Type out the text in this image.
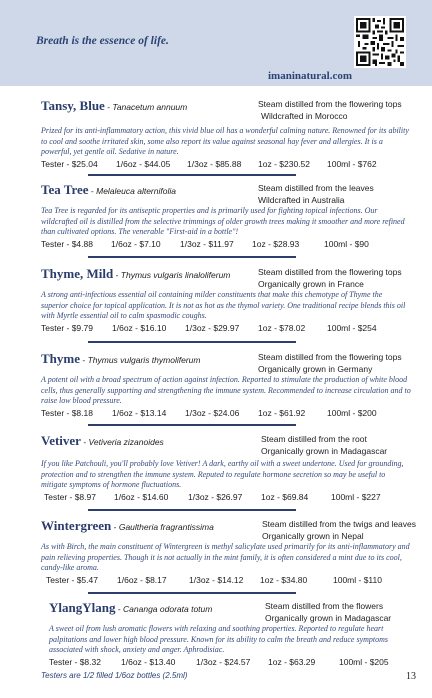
Breath is the essence of life.
imaninatural.com
Tansy, Blue - Tanacetum annuum	Steam distilled from the flowering tops
Wildcrafted in Morocco
Prized for its anti-inflammatory action, this vivid blue oil has a wonderful calming nature. Renowned for its ability to cool and soothe irritated skin, some also report its value against seasonal hay fever and allergies. It is a powerful, yet gentle oil. Sedative in nature.
Tester - $25.04 1/6oz - $44.05 1/3oz - $85.88 1oz - $230.52 100ml - $762
Tea Tree - Melaleuca alternifolia	Steam distilled from the leaves
Wildcrafted in Australia
Tea Tree is regarded for its antiseptic properties and is primarily used for fighting topical infections. Our wildcrafted oil is distilled from the selective trimmings of older growth trees making it smoother and more refined than cultivated options. The venerable "First-aid in a bottle"!
Tester - $4.88 1/6oz - $7.10 1/3oz - $11.97 1oz - $28.93	100ml - $90
Thyme, Mild - Thymus vulgaris linaloliferum	Steam distilled from the flowering tops
Organically grown in France
A strong anti-infectious essential oil containing milder constituents that make this chemotype of Thyme the superior choice for topical application. It is not as hot as the thymol variety. One traditional recipe blends this oil with Myrtle essential oil to calm spasmodic coughs.
Tester - $9.79 1/6oz - $16.10 1/3oz - $29.97 1oz - $78.02	100ml - $254
Thyme - Thymus vulgaris thymoliferum	Steam distilled from the flowering tops
Organically grown in Germany
A potent oil with a broad spectrum of action against infection. Reported to stimulate the production of white blood cells, thus generally supporting and strengthening the immune system. Recommended to increase circulation and to raise low blood pressure.
Tester - $8.18 1/6oz - $13.14 1/3oz - $24.06 1oz - $61.92	100ml - $200
Vetiver - Vetiveria zizanoides	Steam distilled from the root
Organically grown in Madagascar
If you like Patchouli, you'll probably love Vetiver! A dark, earthy oil with a sweet undertone. Used for grounding, protection and to strengthen the immune system. Reputed to regulate hormone secretion so may be useful to mitigate symptoms of hormone fluctuations.
Tester - $8.97 1/6oz - $14.60 1/3oz - $26.97 1oz - $69.84	100ml - $227
Wintergreen - Gaultheria fragrantissima	Steam distilled from the twigs and leaves
Organically grown in Nepal
As with Birch, the main constituent of Wintergreen is methyl salicylate used primarily for its anti-inflammatory and pain relieving properties. Though it is not actually in the mint family, it is often considered a mint due to its cool, candy-like aroma.
Tester - $5.47 1/6oz - $8.17	1/3oz - $14.12 1oz - $34.80	100ml - $110
YlangYlang - Cananga odorata totum	Steam distilled from the flowers
Organically grown in Madagascar
A sweet oil from lush aromatic flowers with relaxing and soothing properties. Reported to regulate heart palpitations and lower high blood pressure. Known for its ability to calm the breath and reduce symptoms associated with shock, anxiety and anger. Aphrodisiac.
Tester - $8.32 1/6oz - $13.40 1/3oz - $24.57 1oz - $63.29	100ml - $205
Testers are 1/2 filled 1/6oz bottles (2.5ml)	13
